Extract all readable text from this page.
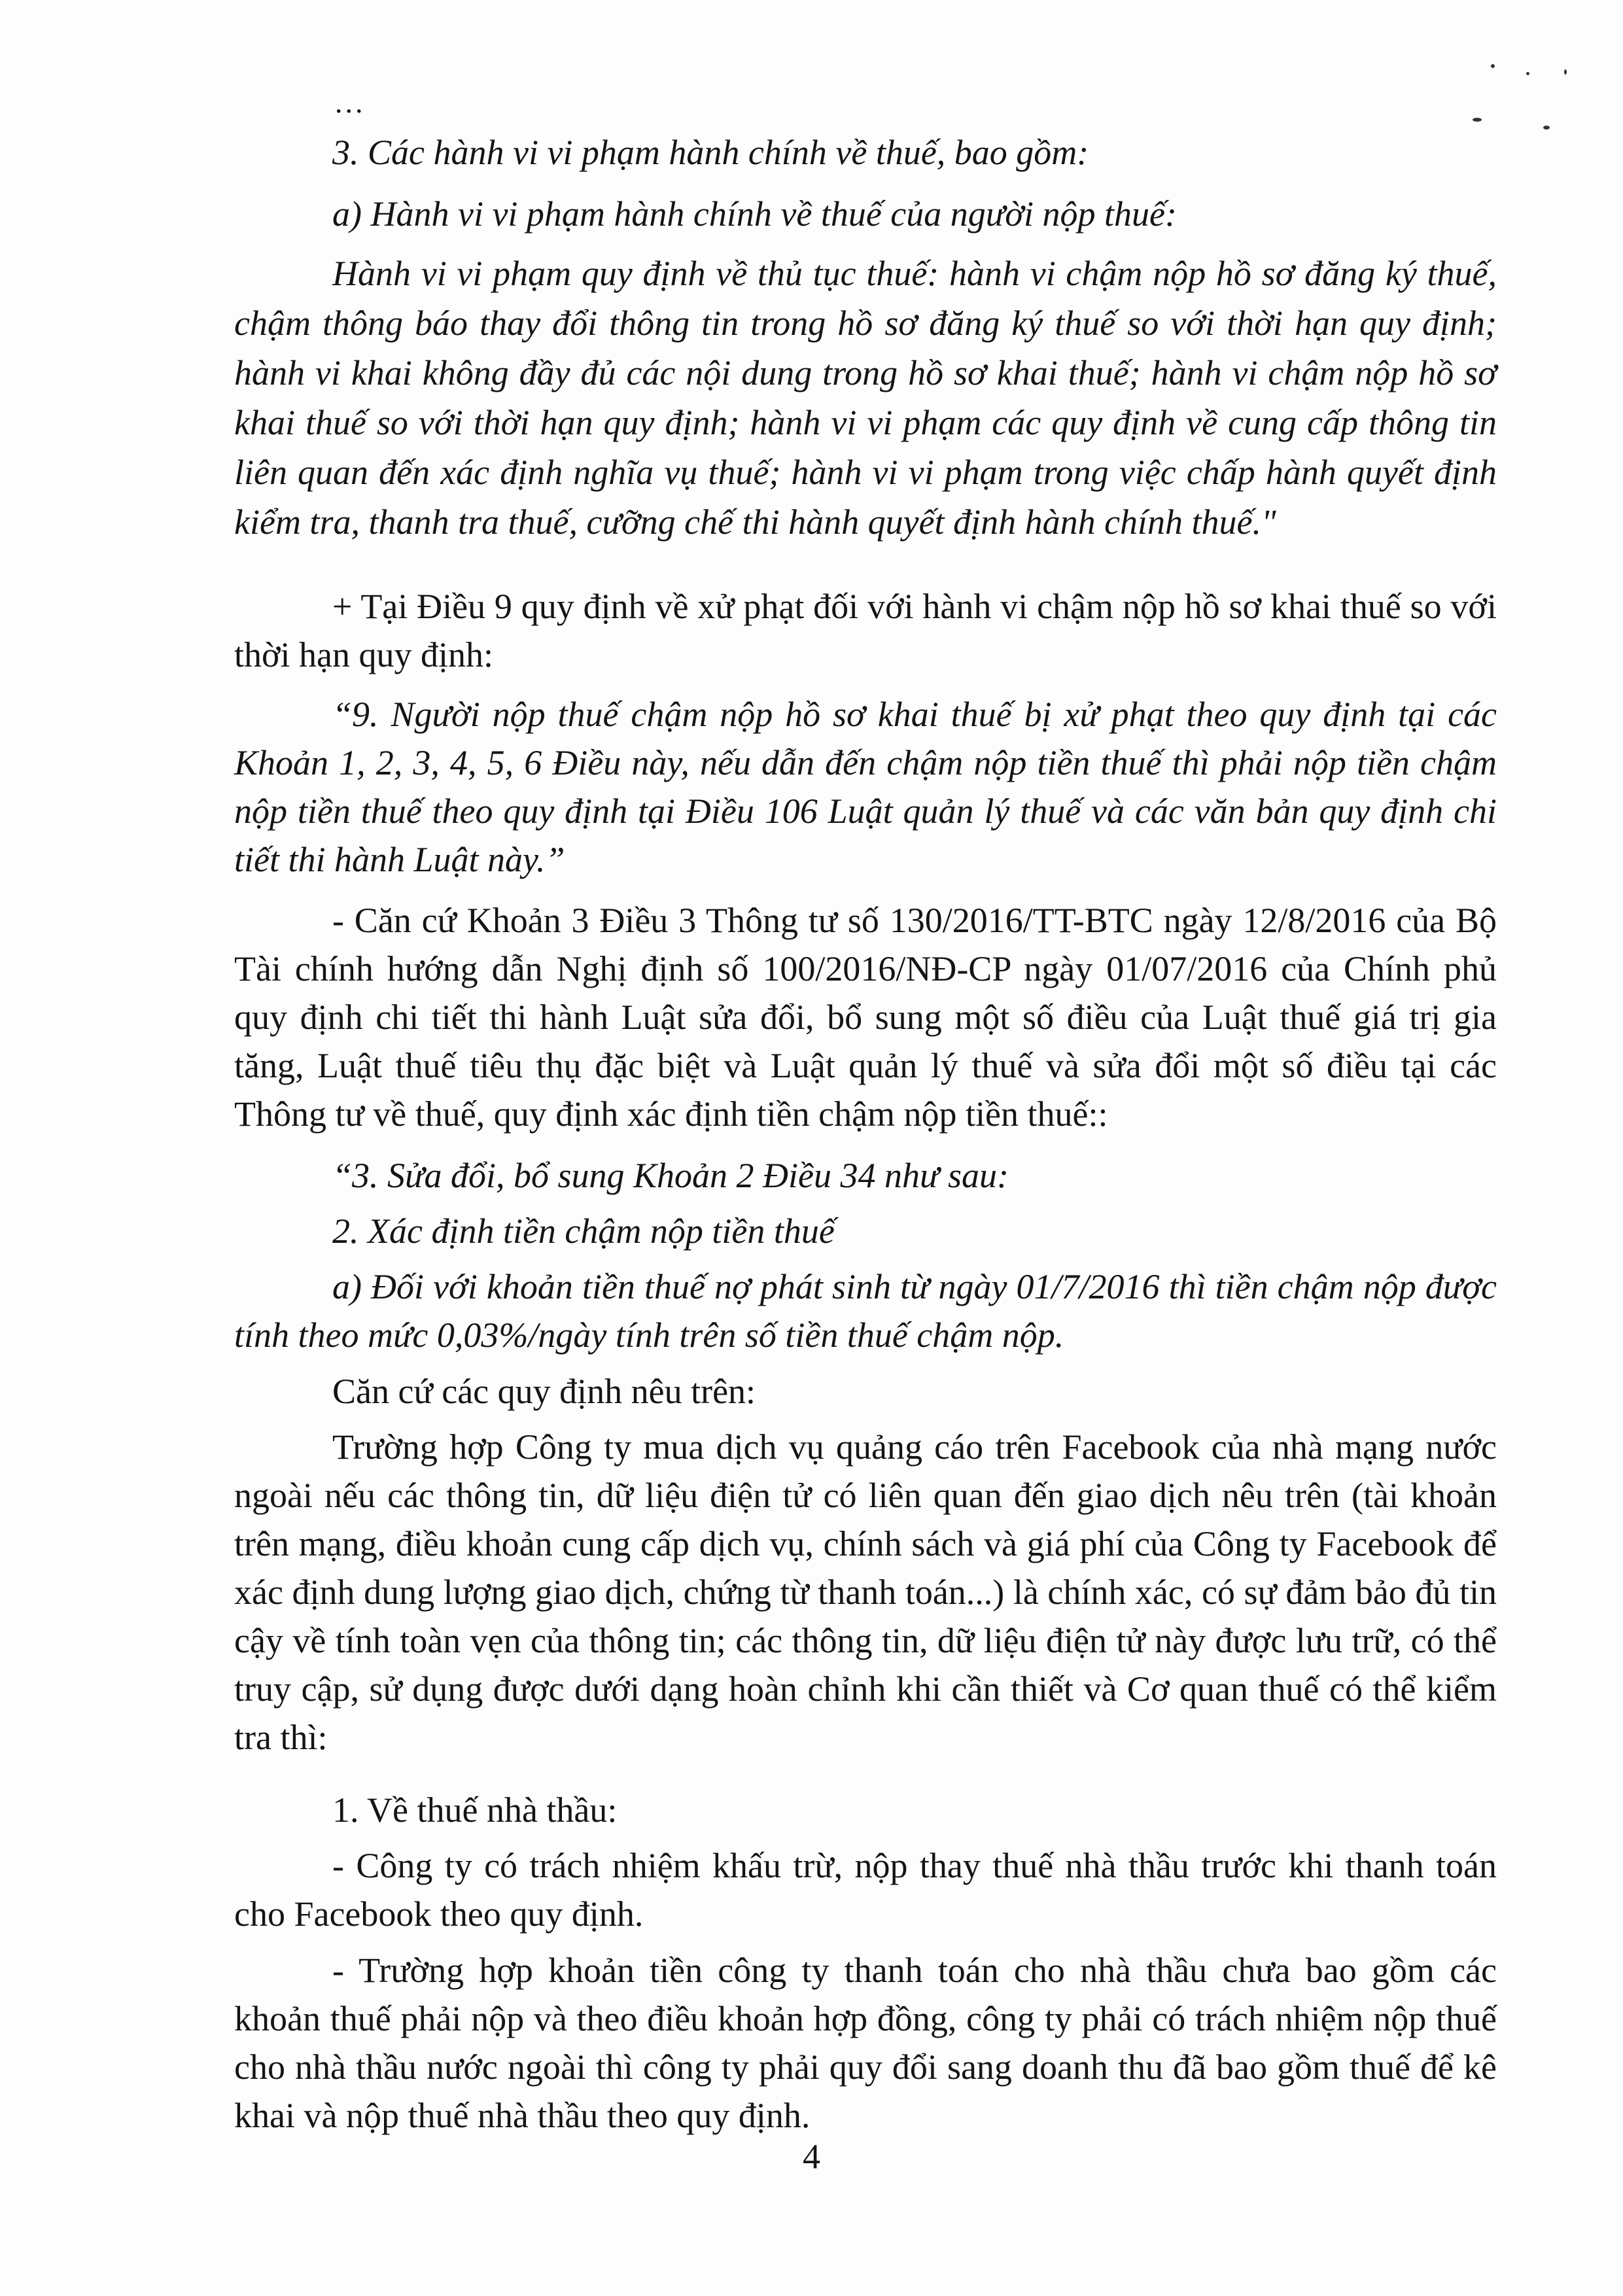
...

3. Các hành vi vi phạm hành chính về thuế, bao gồm:

a) Hành vi vi phạm hành chính về thuế của người nộp thuế:

Hành vi vi phạm quy định về thủ tục thuế: hành vi chậm nộp hồ sơ đăng ký thuế, chậm thông báo thay đổi thông tin trong hồ sơ đăng ký thuế so với thời hạn quy định; hành vi khai không đầy đủ các nội dung trong hồ sơ khai thuế; hành vi chậm nộp hồ sơ khai thuế so với thời hạn quy định; hành vi vi phạm các quy định về cung cấp thông tin liên quan đến xác định nghĩa vụ thuế; hành vi vi phạm trong việc chấp hành quyết định kiểm tra, thanh tra thuế, cưỡng chế thi hành quyết định hành chính thuế."

+ Tại Điều 9 quy định về xử phạt đối với hành vi chậm nộp hồ sơ khai thuế so với thời hạn quy định:

“9. Người nộp thuế chậm nộp hồ sơ khai thuế bị xử phạt theo quy định tại các Khoản 1, 2, 3, 4, 5, 6 Điều này, nếu dẫn đến chậm nộp tiền thuế thì phải nộp tiền chậm nộp tiền thuế theo quy định tại Điều 106 Luật quản lý thuế và các văn bản quy định chi tiết thi hành Luật này.”

- Căn cứ Khoản 3 Điều 3 Thông tư số 130/2016/TT-BTC ngày 12/8/2016 của Bộ Tài chính hướng dẫn Nghị định số 100/2016/NĐ-CP ngày 01/07/2016 của Chính phủ quy định chi tiết thi hành Luật sửa đổi, bổ sung một số điều của Luật thuế giá trị gia tăng, Luật thuế tiêu thụ đặc biệt và Luật quản lý thuế và sửa đổi một số điều tại các Thông tư về thuế, quy định xác định tiền chậm nộp tiền thuế::

“3. Sửa đổi, bổ sung Khoản 2 Điều 34 như sau:

2. Xác định tiền chậm nộp tiền thuế

a) Đối với khoản tiền thuế nợ phát sinh từ ngày 01/7/2016 thì tiền chậm nộp được tính theo mức 0,03%/ngày tính trên số tiền thuế chậm nộp.

Căn cứ các quy định nêu trên:

Trường hợp Công ty mua dịch vụ quảng cáo trên Facebook của nhà mạng nước ngoài nếu các thông tin, dữ liệu điện tử có liên quan đến giao dịch nêu trên (tài khoản trên mạng, điều khoản cung cấp dịch vụ, chính sách và giá phí của Công ty Facebook để xác định dung lượng giao dịch, chứng từ thanh toán...) là chính xác, có sự đảm bảo đủ tin cậy về tính toàn vẹn của thông tin; các thông tin, dữ liệu điện tử này được lưu trữ, có thể truy cập, sử dụng được dưới dạng hoàn chỉnh khi cần thiết và Cơ quan thuế có thể kiểm tra thì:

1. Về thuế nhà thầu:

- Công ty có trách nhiệm khấu trừ, nộp thay thuế nhà thầu trước khi thanh toán cho Facebook theo quy định.

- Trường hợp khoản tiền công ty thanh toán cho nhà thầu chưa bao gồm các khoản thuế phải nộp và theo điều khoản hợp đồng, công ty phải có trách nhiệm nộp thuế cho nhà thầu nước ngoài thì công ty phải quy đổi sang doanh thu đã bao gồm thuế để kê khai và nộp thuế nhà thầu theo quy định.

4
